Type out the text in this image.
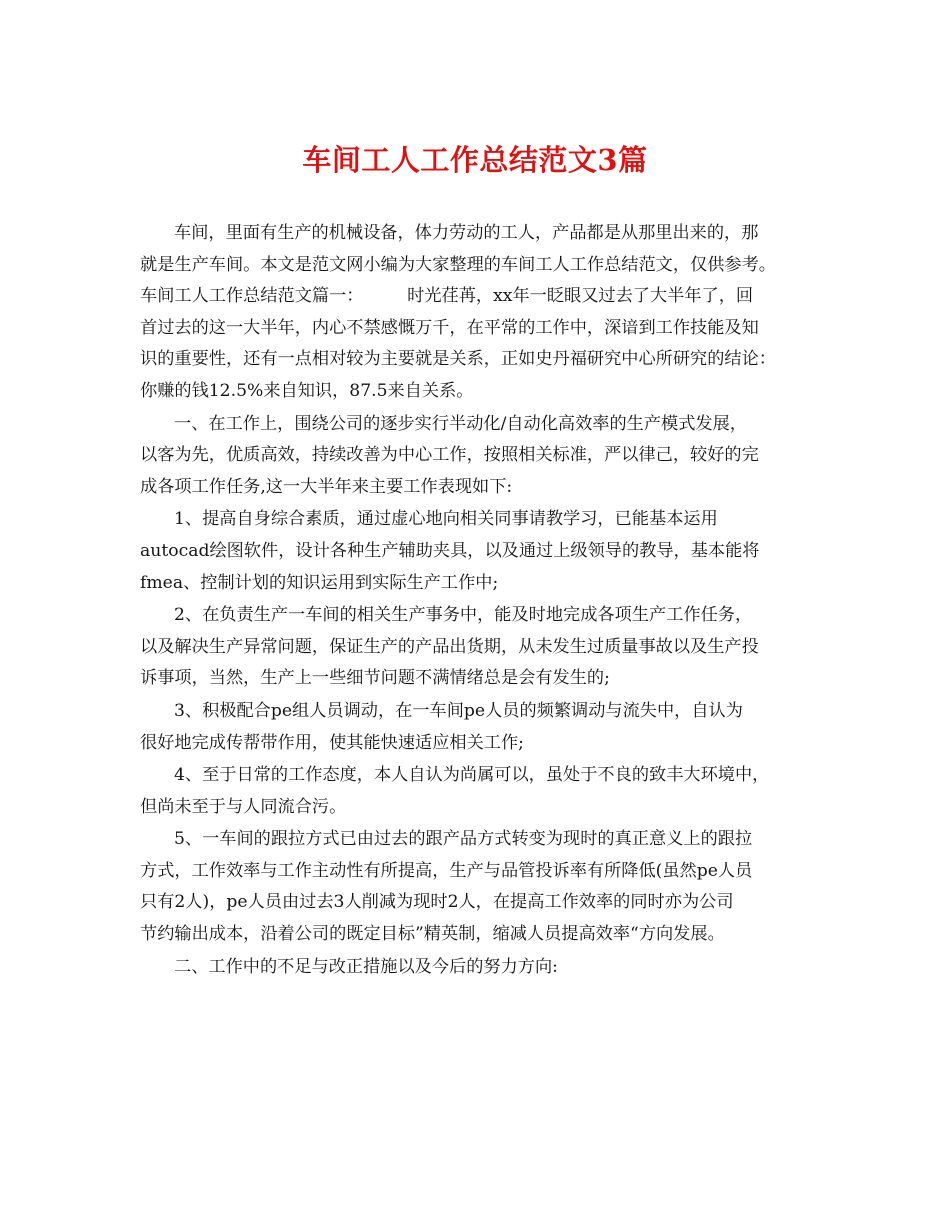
车间工人工作总结范文3篇
车间，里面有生产的机械设备，体力劳动的工人，产品都是从那里出来的，那
就是生产车间。本文是范文网小编为大家整理的车间工人工作总结范文，仅供参考。
车间工人工作总结范文篇一：        时光荏苒，xx年一眨眼又过去了大半年了，回
首过去的这一大半年，内心不禁感慨万千，在平常的工作中，深谙到工作技能及知
识的重要性，还有一点相对较为主要就是关系，正如史丹福研究中心所研究的结论：
你赚的钱12.5%来自知识，87.5来自关系。
一、在工作上，围绕公司的逐步实行半动化/自动化高效率的生产模式发展，
以客为先，优质高效，持续改善为中心工作，按照相关标准，严以律己，较好的完
成各项工作任务,这一大半年来主要工作表现如下:
1、提高自身综合素质，通过虚心地向相关同事请教学习，已能基本运用
autocad绘图软件，设计各种生产辅助夹具，以及通过上级领导的教导，基本能将
fmea、控制计划的知识运用到实际生产工作中;
2、在负责生产一车间的相关生产事务中，能及时地完成各项生产工作任务，
以及解决生产异常问题，保证生产的产品出货期，从未发生过质量事故以及生产投
诉事项，当然，生产上一些细节问题不满情绪总是会有发生的;
3、积极配合pe组人员调动，在一车间pe人员的频繁调动与流失中，自认为
很好地完成传帮带作用，使其能快速适应相关工作;
4、至于日常的工作态度，本人自认为尚属可以，虽处于不良的致丰大环境中，
但尚未至于与人同流合污。
5、一车间的跟拉方式已由过去的跟产品方式转变为现时的真正意义上的跟拉
方式，工作效率与工作主动性有所提高，生产与品管投诉率有所降低(虽然pe人员
只有2人)，pe人员由过去3人削减为现时2人，在提高工作效率的同时亦为公司
节约输出成本，沿着公司的既定目标”精英制，缩减人员提高效率“方向发展。
二、工作中的不足与改正措施以及今后的努力方向:
